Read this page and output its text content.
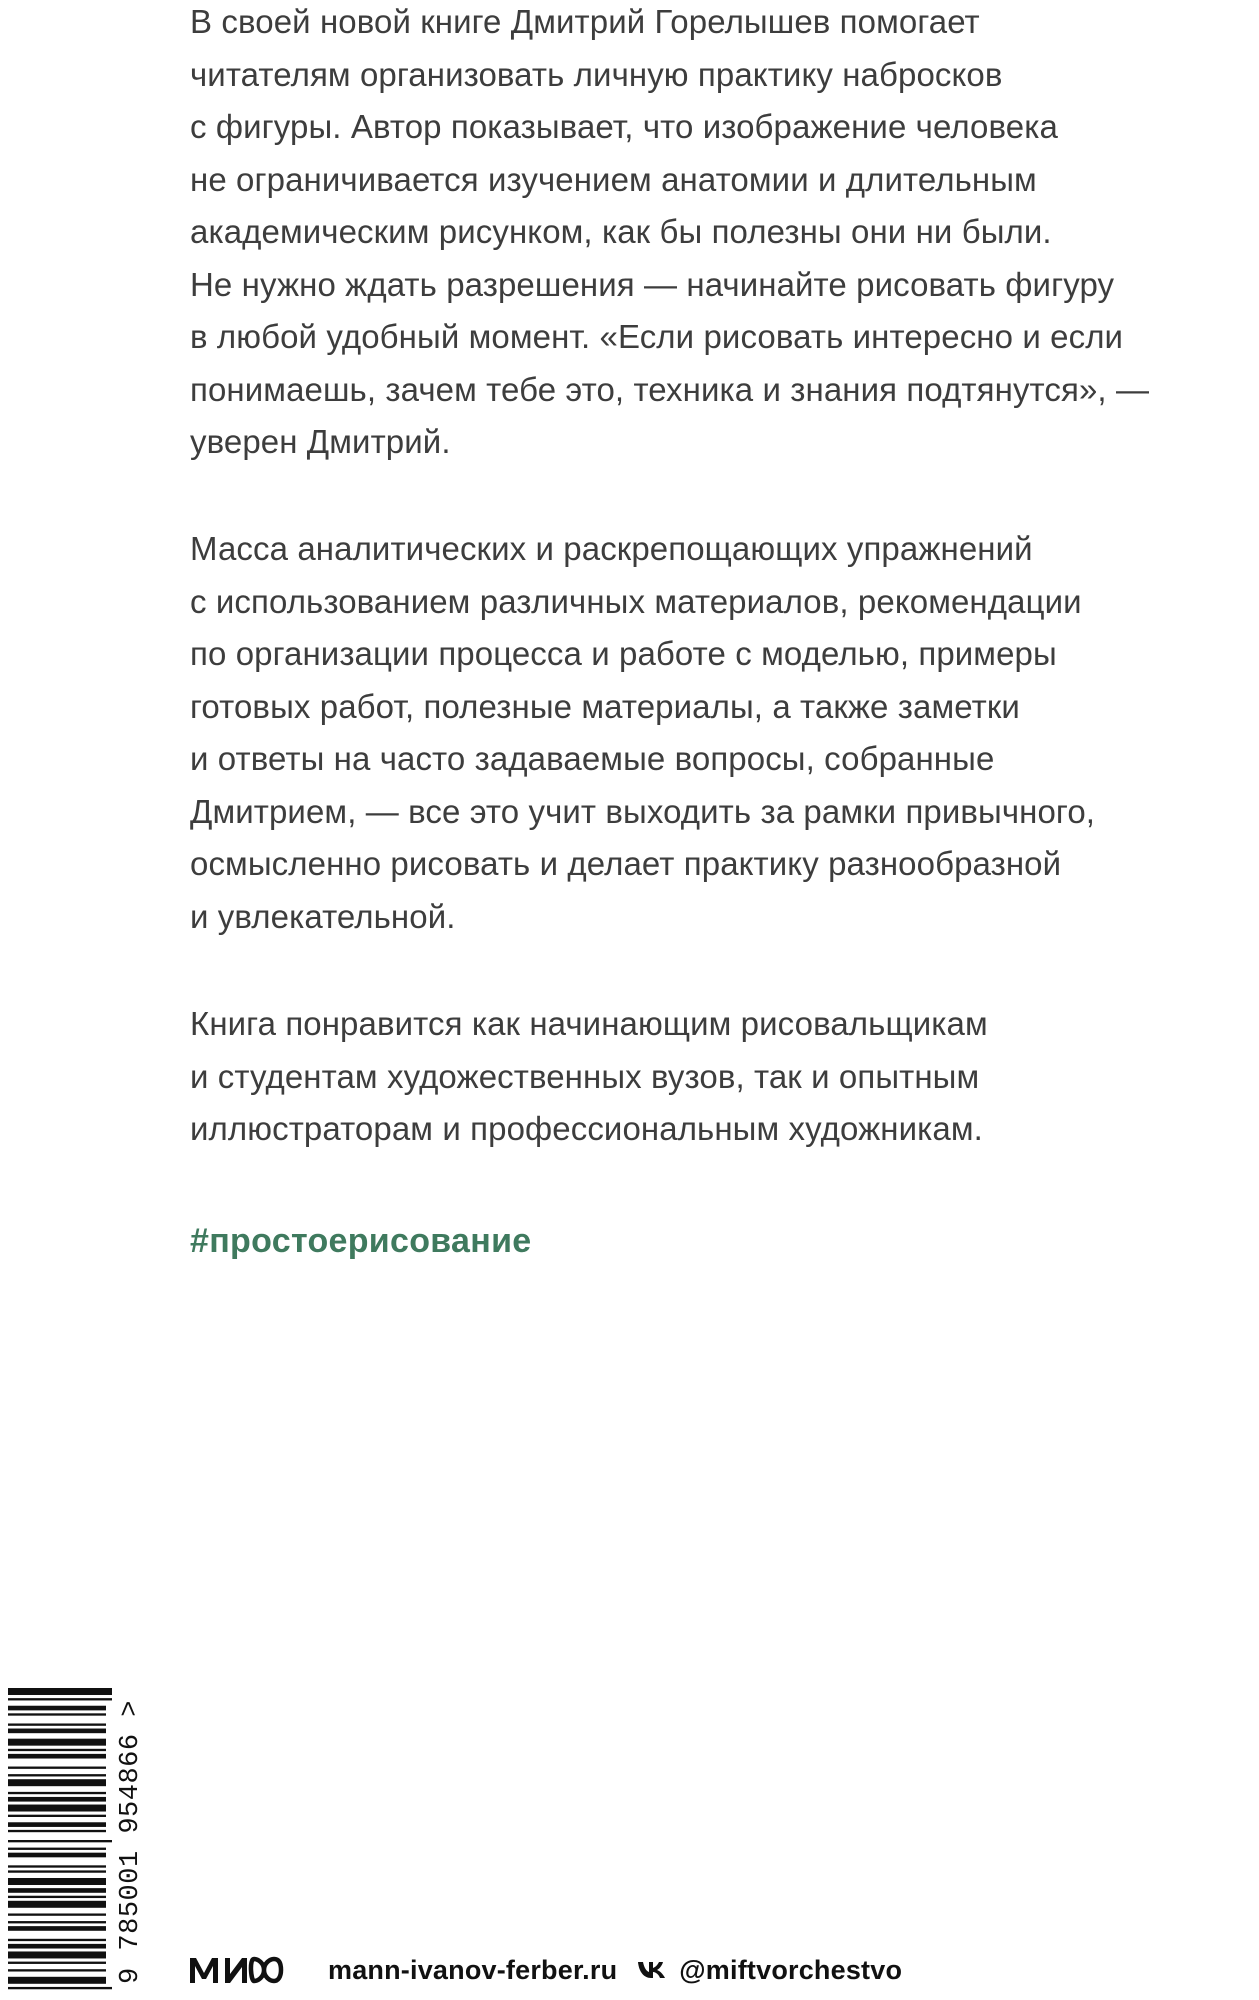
В своей новой книге Дмитрий Горелышев помогает
читателям организовать личную практику набросков
с фигуры. Автор показывает, что изображение человека
не ограничивается изучением анатомии и длительным
академическим рисунком, как бы полезны они ни были.
Не нужно ждать разрешения — начинайте рисовать фигуру
в любой удобный момент. «Если рисовать интересно и если
понимаешь, зачем тебе это, техника и знания подтянутся», —
уверен Дмитрий.

Масса аналитических и раскрепощающих упражнений
с использованием различных материалов, рекомендации
по организации процесса и работе с моделью, примеры
готовых работ, полезные материалы, а также заметки
и ответы на часто задаваемые вопросы, собранные
Дмитрием, — все это учит выходить за рамки привычного,
осмысленно рисовать и делает практику разнообразной
и увлекательной.

Книга понравится как начинающим рисовальщикам
и студентам художественных вузов, так и опытным
иллюстраторам и профессиональным художникам.

#простоерисование
9 785001 954866 >	mann-ivanov-ferber.ru @miftvorchestvo
